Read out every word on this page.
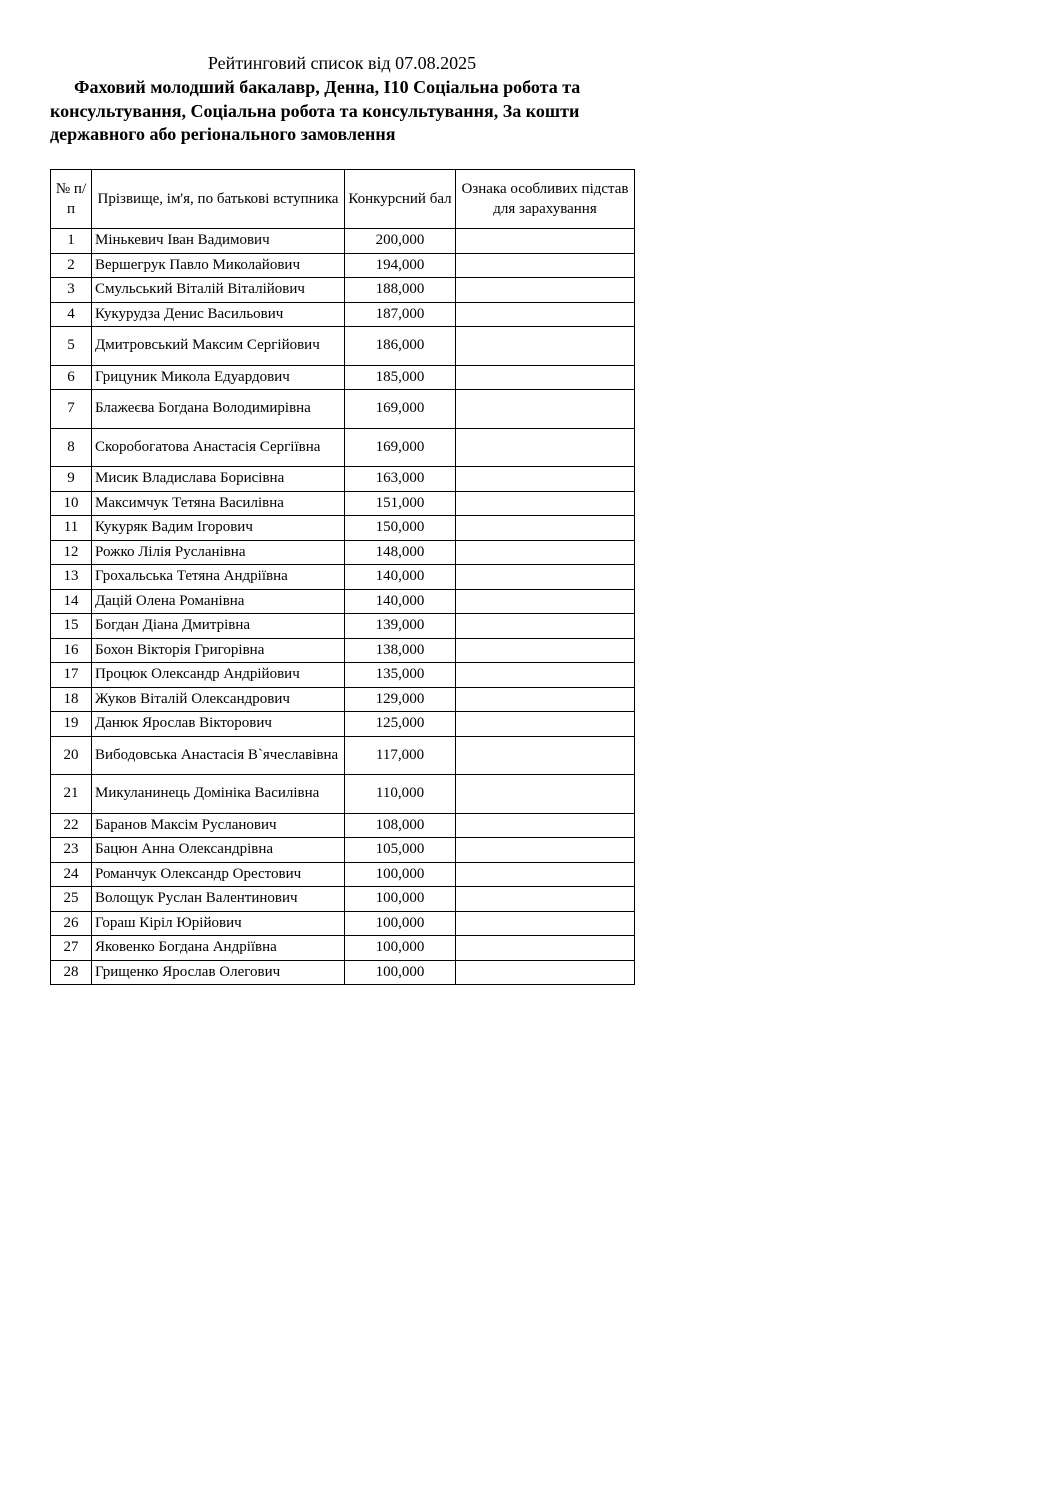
Рейтинговий список від 07.08.2025

Фаховий молодший бакалавр, Денна, I10 Соціальна робота та консультування, Соціальна робота та консультування, За кошти державного або регіонального замовлення

№ п/п	Прізвище, ім'я, по батькові вступника	Конкурсний бал	Ознака особливих підстав для зарахування
1	Мінькевич Іван Вадимович	200,000	
2	Вершегрук Павло Миколайович	194,000	
3	Смульський Віталій Віталійович	188,000	
4	Кукурудза Денис Васильович	187,000	
5	Дмитровський Максим Сергійович	186,000	
6	Грицуник Микола Едуардович	185,000	
7	Блажеєва Богдана Володимирівна	169,000	
8	Скоробогатова Анастасія Сергіївна	169,000	
9	Мисик Владислава Борисівна	163,000	
10	Максимчук Тетяна Василівна	151,000	
11	Кукуряк Вадим Ігорович	150,000	
12	Рожко Лілія Русланівна	148,000	
13	Грохальська Тетяна Андріївна	140,000	
14	Дацій Олена Романівна	140,000	
15	Богдан Діана Дмитрівна	139,000	
16	Бохон Вікторія Григорівна	138,000	
17	Процюк Олександр Андрійович	135,000	
18	Жуков Віталій Олександрович	129,000	
19	Данюк Ярослав Вікторович	125,000	
20	Вибодовська Анастасія В`ячеславівна	117,000	
21	Микуланинець Домініка Василівна	110,000	
22	Баранов Максім Русланович	108,000	
23	Бацюн Анна Олександрівна	105,000	
24	Романчук Олександр Орестович	100,000	
25	Волощук Руслан Валентинович	100,000	
26	Гораш Кіріл Юрійович	100,000	
27	Яковенко Богдана Андріївна	100,000	
28	Грищенко Ярослав Олегович	100,000	
